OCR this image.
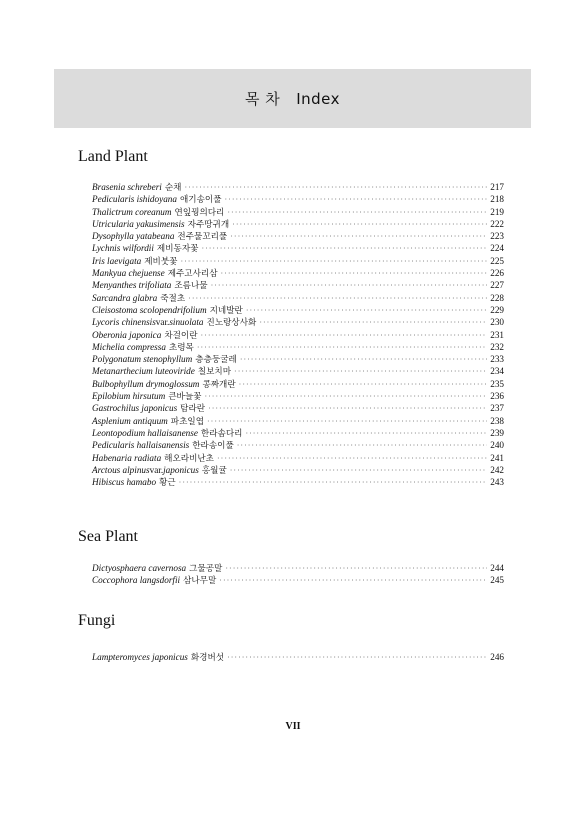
목 차 Index
Land Plant
Brasenia schreberi 순채 ·····	217
Pedicularis ishidoyana 애기송이풀 ·····	218
Thalictrum coreanum 연잎꿩의다리 ·····	219
Utricularia yakusimensis 자주땅귀개 ·····	222
Dysophylla yatabeana 전주물꼬리풀 ·····	223
Lychnis wilfordii 제비동자꽃 ·····	224
Iris laevigata 제비붓꽃 ·····	225
Mankyua chejuense 제주고사리삼 ·····	226
Menyanthes trifoliata 조름나물 ·····	227
Sarcandra glabra 죽절초 ·····	228
Cleisostoma scolopendrifolium 지네발란 ·····	229
Lycoris chinensis var. sinuolata 진노랑상사화 ·····	230
Oberonia japonica 차걸이란 ·····	231
Michelia compressa 초령목 ·····	232
Polygonatum stenophyllum 층층둥굴레 ·····	233
Metanarthecium luteoviride 칠보치마 ·····	234
Bulbophyllum drymoglossum 콩짜개란 ·····	235
Epilobium hirsutum 큰바늘꽃 ·····	236
Gastrochilus japonicus 탐라란 ·····	237
Asplenium antiquum 파초일엽 ·····	238
Leontopodium hallaisanense 한라솜다리 ·····	239
Pedicularis hallaisanensis 한라송이풀 ·····	240
Habenaria radiata 해오라비난초 ·····	241
Arctous alpinus var. japonicus 홍월귤 ·····	242
Hibiscus hamabo 황근 ·····	243
Sea Plant
Dictyosphaera cavernosa 그물공말 ·····	244
Coccophora langsdorfii 삼나무말 ·····	245
Fungi
Lampteromyces japonicus 화경버섯 ·····	246
VII
